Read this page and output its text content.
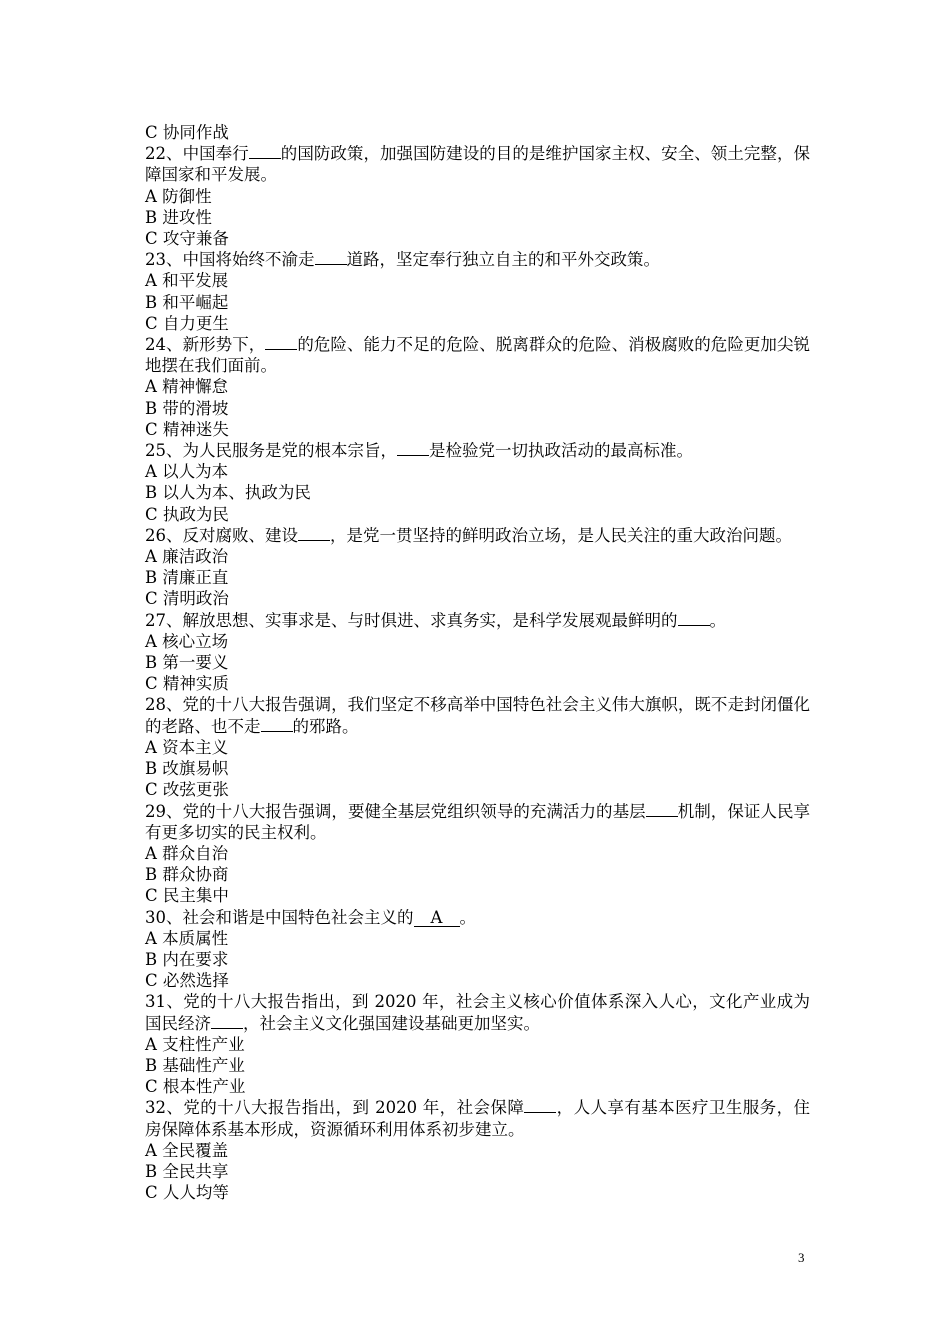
C 协同作战
22、中国奉行 的国防政策，加强国防建设的目的是维护国家主权、安全、领土完整，保障国家和平发展。
A 防御性
B 进攻性
C 攻守兼备
23、中国将始终不渝走 道路，坚定奉行独立自主的和平外交政策。
A 和平发展
B 和平崛起
C 自力更生
24、新形势下， 的危险、能力不足的危险、脱离群众的危险、消极腐败的危险更加尖锐地摆在我们面前。
A 精神懈怠
B 带的滑坡
C 精神迷失
25、为人民服务是党的根本宗旨， 是检验党一切执政活动的最高标准。
A 以人为本
B 以人为本、执政为民
C 执政为民
26、反对腐败、建设 ，是党一贯坚持的鲜明政治立场，是人民关注的重大政治问题。
A 廉洁政治
B 清廉正直
C 清明政治
27、解放思想、实事求是、与时俱进、求真务实，是科学发展观最鲜明的 。
A 核心立场
B 第一要义
C 精神实质
28、党的十八大报告强调，我们坚定不移高举中国特色社会主义伟大旗帜，既不走封闭僵化的老路、也不走 的邪路。
A 资本主义
B 改旗易帜
C 改弦更张
29、党的十八大报告强调，要健全基层党组织领导的充满活力的基层 机制，保证人民享有更多切实的民主权利。
A 群众自治
B 群众协商
C 民主集中
30、社会和谐是中国特色社会主义的 A 。
A 本质属性
B 内在要求
C 必然选择
31、党的十八大报告指出，到 2020 年，社会主义核心价值体系深入人心，文化产业成为国民经济 ，社会主义文化强国建设基础更加坚实。
A 支柱性产业
B 基础性产业
C 根本性产业
32、党的十八大报告指出，到 2020 年，社会保障 ，人人享有基本医疗卫生服务，住房保障体系基本形成，资源循环利用体系初步建立。
A 全民覆盖
B 全民共享
C 人人均等
3
